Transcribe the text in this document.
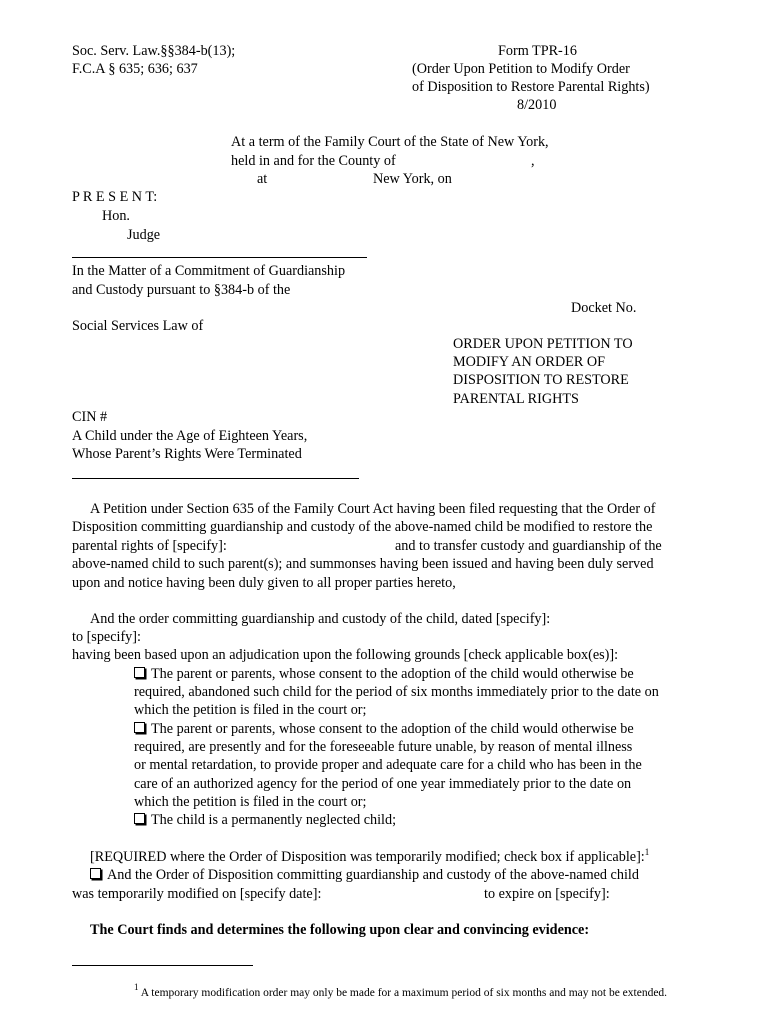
Soc. Serv. Law.§§384-b(13);
F.C.A § 635; 636; 637
Form TPR-16
(Order Upon Petition to Modify Order
of Disposition to Restore Parental Rights)
8/2010
At a term of the Family Court of the State of New York,
held in and for the County of	,
at	New York, on
P R E S E N T:
Hon.
Judge
In the Matter of a Commitment of Guardianship
and Custody pursuant to §384-b of the
Docket No.
Social Services Law of
ORDER UPON PETITION TO
MODIFY AN ORDER OF
DISPOSITION TO RESTORE
PARENTAL RIGHTS
CIN #
A Child under the Age of Eighteen Years,
Whose Parent’s Rights Were Terminated
A Petition under Section 635 of the Family Court Act having been filed requesting that the Order of
Disposition committing guardianship and custody of the above-named child be modified to restore the
parental rights of [specify]:	and to transfer custody and guardianship of the
above-named child to such parent(s); and summonses having been issued and having been duly served
upon and notice having been duly given to all proper parties hereto,
And the order committing guardianship and custody of the child, dated [specify]:
to [specify]:
having been based upon an adjudication upon the following grounds [check applicable box(es)]:
The parent or parents, whose consent to the adoption of the child would otherwise be
required, abandoned such child for the period of six months immediately prior to the date on
which the petition is filed in the court or;
The parent or parents, whose consent to the adoption of the child would otherwise be
required, are presently and for the foreseeable future unable, by reason of mental illness
or mental retardation, to provide proper and adequate care for a child who has been in the
care of an authorized agency for the period of one year immediately prior to the date on
which the petition is filed in the court or;
The child is a permanently neglected child;
[REQUIRED where the Order of Disposition was temporarily modified; check box if applicable]:$^1$
And the Order of Disposition committing guardianship and custody of the above-named child
was temporarily modified on [specify date]:	to expire on [specify]:
The Court finds and determines the following upon clear and convincing evidence:
$^1$ A temporary modification order may only be made for a maximum period of six months and may not be extended.
